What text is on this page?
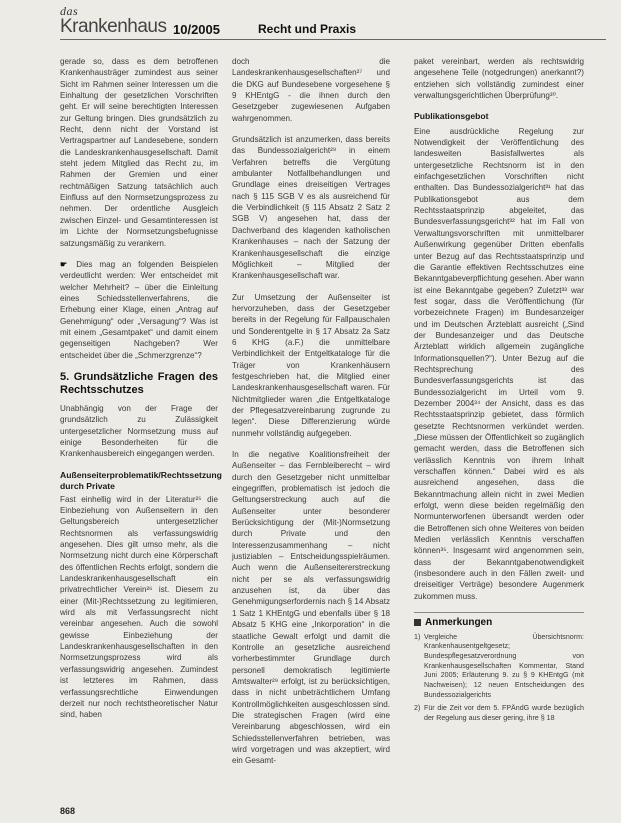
das
Krankenhaus 10/2005	Recht und Praxis

gerade so, dass es dem betroffenen Krankenhausträger zumindest aus seiner Sicht im Rahmen seiner Interessen um die Einhaltung der gesetzlichen Vorschriften geht. Er will seine berechtigten Interessen zur Geltung bringen. Dies grundsätzlich zu Recht, denn nicht der Vorstand ist Vertragspartner auf Landesebene, sondern die Landeskrankenhausgesellschaft. Damit steht jedem Mitglied das Recht zu, im Rahmen der Gremien und einer rechtmäßigen Satzung tatsächlich auch Einfluss auf den Normsetzungsprozess zu nehmen. Der ordentliche Ausgleich zwischen Einzel- und Gesamtinteressen ist im Lichte der Normsetzungsbefugnisse satzungsmäßig zu verankern.

☛ Dies mag an folgenden Beispielen verdeutlicht werden: Wer entscheidet mit welcher Mehrheit? – über die Einleitung eines Schiedsstellenverfahrens, die Erhebung einer Klage, einen „Antrag auf Genehmigung“ oder „Versagung“? Was ist mit einem „Gesamtpaket“ und damit einem gegenseitigen Nachgeben? Wer entscheidet über die „Schmerzgrenze“?

5. Grundsätzliche Fragen des Rechtsschutzes

Unabhängig von der Frage der grundsätzlich zu Zulässigkeit untergesetzlicher Normsetzung muss auf einige Besonderheiten für die Krankenhausbereich eingegangen werden.

Außenseiterproblematik/Rechtssetzung durch Private

Fast einhellig wird in der Literatur²⁵ die Einbeziehung von Außenseitern in den Geltungsbereich untergesetzlicher Rechtsnormen als verfassungswidrig angesehen. Dies gilt umso mehr, als die Normsetzung nicht durch eine Körperschaft des öffentlichen Rechts erfolgt, sondern die Landeskrankenhausgesellschaft ein privatrechtlicher Verein²⁶ ist. Diesem zu einer (Mit-)Rechtssetzung zu legitimieren, wird als mit Verfassungsrecht nicht vereinbar angesehen. Auch die sowohl gewisse Einbeziehung der Landeskrankenhausgesellschaften in den Normsetzungsprozess wird als verfassungswidrig angesehen. Zumindest ist letzteres im Rahmen, dass verfassungsrechtliche Einwendungen derzeit nur noch rechtstheoretischer Natur sind, haben

doch die Landeskrankenhausgesellschaften²⁷ und die DKG auf Bundesebene vorgesehene § 9 KHEntgG - die ihnen durch den Gesetzgeber zugewiesenen Aufgaben wahrgenommen.

Grundsätzlich ist anzumerken, dass bereits das Bundessozialgericht²⁸ in einem Verfahren betreffs die Vergütung ambulanter Notfallbehandlungen und Grundlage eines dreiseitigen Vertrages nach § 115 SGB V es als ausreichend für die Verbindlichkeit (§ 115 Absatz 2 Satz 2 SGB V) angesehen hat, dass der Dachverband des klagenden katholischen Krankenhauses – nach der Satzung der Krankenhausgesellschaft die einzige Möglichkeit – Mitglied der Krankenhausgesellschaft war.

Zur Umsetzung der Außenseiter ist hervorzuheben, dass der Gesetzgeber bereits in der Regelung für Fallpauschalen und Sonderentgelte in § 17 Absatz 2a Satz 6 KHG (a.F.) die unmittelbare Verbindlichkeit der Entgeltkataloge für die Träger von Krankenhäusern festgeschrieben hat, die Mitglied einer Landeskrankenhausgesellschaft waren. Für Nichtmitglieder waren „die Entgeltkataloge der Pflegesatzvereinbarung zugrunde zu legen“. Diese Differenzierung würde nunmehr vollständig aufgegeben.

In die negative Koalitionsfreiheit der Außenseiter – das Fernbleiberecht – wird durch den Gesetzgeber nicht unmittelbar eingegriffen, problematisch ist jedoch die Geltungserstreckung auch auf die Außenseiter unter besonderer Berücksichtigung der (Mit-)Normsetzung durch Private und den Interessenzusammenhang – nicht justiziablen – Entscheidungsspielräumen. Auch wenn die Außenseitererstreckung nicht per se als verfassungswidrig anzusehen ist, da über das Genehmigungserfordernis nach § 14 Absatz 1 Satz 1 KHEntgG und ebenfalls über § 18 Absatz 5 KHG eine „Inkorporation“ in die staatliche Gewalt erfolgt und damit die Kontrolle an gesetzliche ausreichend vorherbestimmter Grundlage durch personell demokratisch legitimierte Amtswalter²⁹ erfolgt, ist zu berücksichtigen, dass in nicht unbeträchtlichem Umfang Kontrollmöglichkeiten ausgeschlossen sind. Die strategischen Fragen (wird eine Vereinbarung abgeschlossen, wird ein Schiedsstellenverfahren betrieben, was wird vorgetragen und was akzeptiert, wird ein Gesamt-

paket vereinbart, werden als rechtswidrig angesehene Teile (notgedrungen) anerkannt?) entziehen sich vollständig zumindest einer verwaltungsgerichtlichen Überprüfung³⁰.

Publikationsgebot

Eine ausdrückliche Regelung zur Notwendigkeit der Veröffentlichung des landesweiten Basisfallwertes als untergesetzliche Rechtsnorm ist in den einfachgesetzlichen Vorschriften nicht enthalten. Das Bundessozialgericht³¹ hat das Publikationsgebot aus dem Rechtsstaatsprinzip abgeleitet, das Bundesverfassungsgericht³² hat im Fall von Verwaltungsvorschriften mit unmittelbarer Außenwirkung gegenüber Dritten ebenfalls unter Bezug auf das Rechtsstaatsprinzip und die Garantie effektiven Rechtsschutzes eine Bekanntgabeverpflichtung gesehen. Aber wann ist eine Bekanntgabe gegeben? Zuletzt³³ war fest sogar, dass die Veröffentlichung (für vorbezeichnete Fragen) im Bundesanzeiger und im Deutschen Ärzteblatt ausreicht („Sind der Bundesanzeiger und das Deutsche Ärzteblatt wirklich allgemein zugängliche Informationsquellen?“). Unter Bezug auf die Rechtsprechung des Bundesverfassungsgerichts ist das Bundessozialgericht im Urteil vom 9. Dezember 2004³⁴ der Ansicht, dass es das Rechtsstaatsprinzip gebietet, dass förmlich gesetzte Rechtsnormen verkündet werden. „Diese müssen der Öffentlichkeit so zugänglich gemacht werden, dass die Betroffenen sich verlässlich Kenntnis von ihrem Inhalt verschaffen können.“ Dabei wird es als ausreichend angesehen, dass die Bekanntmachung allein nicht in zwei Medien erfolgt, wenn diese beiden regelmäßig den Normunterworfenen übersandt werden oder die Betroffenen sich ohne Weiteres von beiden Medien verlässlich Kenntnis verschaffen können³⁵. Insgesamt wird angenommen sein, dass der Bekanntgabenotwendigkeit (insbesondere auch in den Fällen zweit- und dreiseitiger Verträge) besondere Augenmerk zukommen muss.

Anmerkungen
1) Vergleiche Übersichtsnorm: Krankenhausentgeltgesetz; Bundespflegesatzverordnung von Krankenhausgesellschaften Kommentar, Stand Juni 2005; Erläuterung 9. zu § 9 KHEntgG (mit Nachweisen); 12 neuen Entscheidungen des Bundessozialgerichts
2) Für die Zeit vor dem 5. FPÄndG wurde bezüglich der Regelung aus dieser gering, ihre § 18
868
